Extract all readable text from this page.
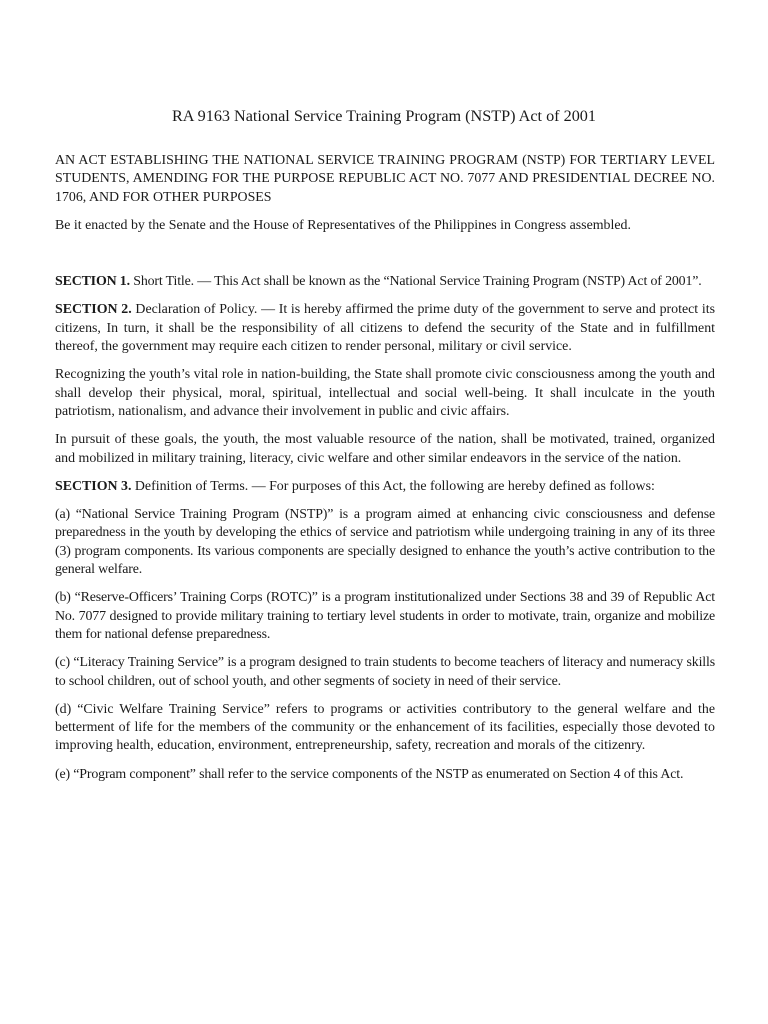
RA 9163 National Service Training Program (NSTP) Act of 2001

AN ACT ESTABLISHING THE NATIONAL SERVICE TRAINING PROGRAM (NSTP) FOR TERTIARY LEVEL STUDENTS, AMENDING FOR THE PURPOSE REPUBLIC ACT NO. 7077 AND PRESIDENTIAL DECREE NO. 1706, AND FOR OTHER PURPOSES

Be it enacted by the Senate and the House of Representatives of the Philippines in Congress assembled.

SECTION 1. Short Title. — This Act shall be known as the “National Service Training Program (NSTP) Act of 2001”.

SECTION 2. Declaration of Policy. — It is hereby affirmed the prime duty of the government to serve and protect its citizens, In turn, it shall be the responsibility of all citizens to defend the security of the State and in fulfillment thereof, the government may require each citizen to render personal, military or civil service.

Recognizing the youth’s vital role in nation-building, the State shall promote civic consciousness among the youth and shall develop their physical, moral, spiritual, intellectual and social well-being. It shall inculcate in the youth patriotism, nationalism, and advance their involvement in public and civic affairs.

In pursuit of these goals, the youth, the most valuable resource of the nation, shall be motivated, trained, organized and mobilized in military training, literacy, civic welfare and other similar endeavors in the service of the nation.

SECTION 3. Definition of Terms. — For purposes of this Act, the following are hereby defined as follows:

(a) “National Service Training Program (NSTP)” is a program aimed at enhancing civic consciousness and defense preparedness in the youth by developing the ethics of service and patriotism while undergoing training in any of its three (3) program components. Its various components are specially designed to enhance the youth’s active contribution to the general welfare.

(b) “Reserve-Officers’ Training Corps (ROTC)” is a program institutionalized under Sections 38 and 39 of Republic Act No. 7077 designed to provide military training to tertiary level students in order to motivate, train, organize and mobilize them for national defense preparedness.

(c) “Literacy Training Service” is a program designed to train students to become teachers of literacy and numeracy skills to school children, out of school youth, and other segments of society in need of their service.

(d) “Civic Welfare Training Service” refers to programs or activities contributory to the general welfare and the betterment of life for the members of the community or the enhancement of its facilities, especially those devoted to improving health, education, environment, entrepreneurship, safety, recreation and morals of the citizenry.

(e) “Program component” shall refer to the service components of the NSTP as enumerated on Section 4 of this Act.
